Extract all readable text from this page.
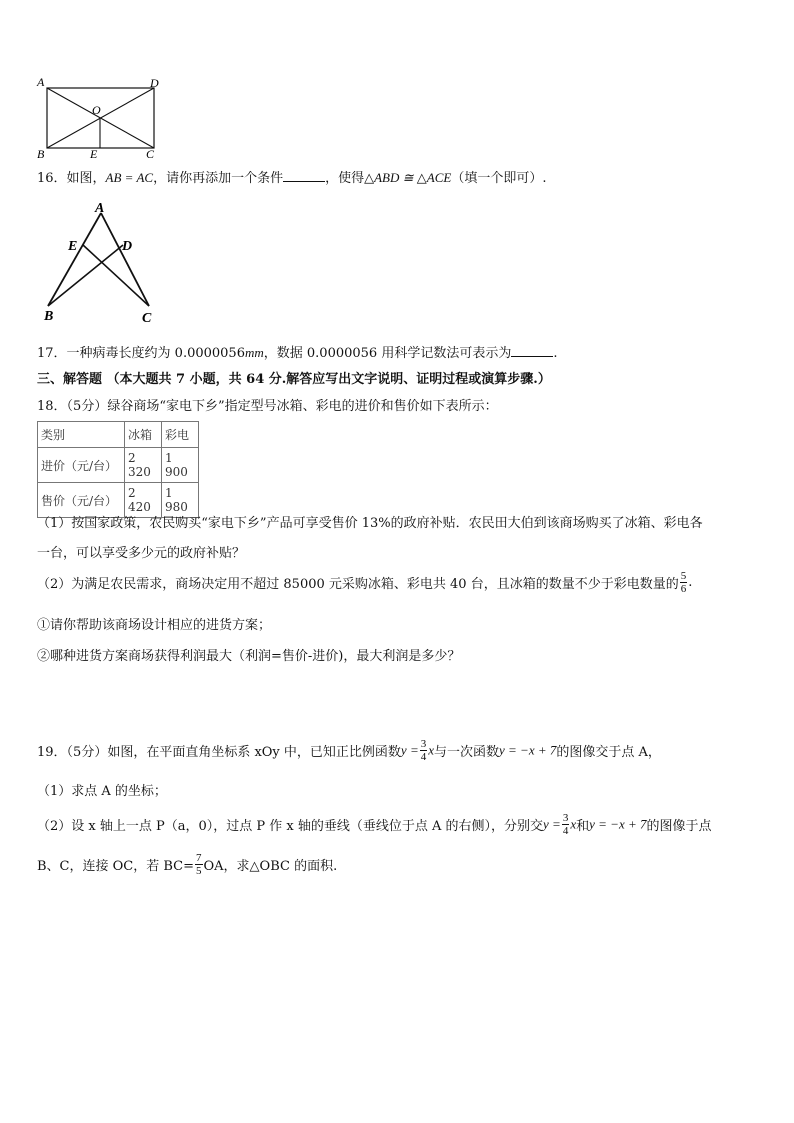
A	D
O
B	E	C
16．如图，AB = AC，请你再添加一个条件	，使得△ABD ≅ △ACE（填一个即可）.
A
E	D
B	C
17．一种病毒长度约为 0.0000056mm，数据 0.0000056 用科学记数法可表示为	.
三、解答题 （本大题共 7 小题，共 64 分.解答应写出文字说明、证明过程或演算步骤.）
18．（5分）绿谷商场“家电下乡”指定型号冰箱、彩电的进价和售价如下表所示：
类别	冰箱	彩电
进价（元/台）	2 320	1 900
售价（元/台）	2 420	1 980
（1）按国家政策，农民购买“家电下乡”产品可享受售价 13%的政府补贴．农民田大伯到该商场购买了冰箱、彩电各
一台，可以享受多少元的政府补贴？
（2）为满足农民需求，商场决定用不超过 85000 元采购冰箱、彩电共 40 台，且冰箱的数量不少于彩电数量的 $\frac{5}{6}$ .
①请你帮助该商场设计相应的进货方案；
②哪种进货方案商场获得利润最大（利润=售价-进价)，最大利润是多少？
19．（5分）如图，在平面直角坐标系 xOy 中，已知正比例函数$y = \frac{3}{4}$ x与一次函数y = −x + 7的图像交于点 A，
（1）求点 A 的坐标；
（2）设 x 轴上一点 P（a，0），过点 P 作 x 轴的垂线（垂线位于点 A 的右侧），分别交$y = \frac{3}{4}$ x和y = −x + 7的图像于点
B、C，连接 OC，若 $BC= \frac{7}{5}$ OA，求△OBC 的面积.
